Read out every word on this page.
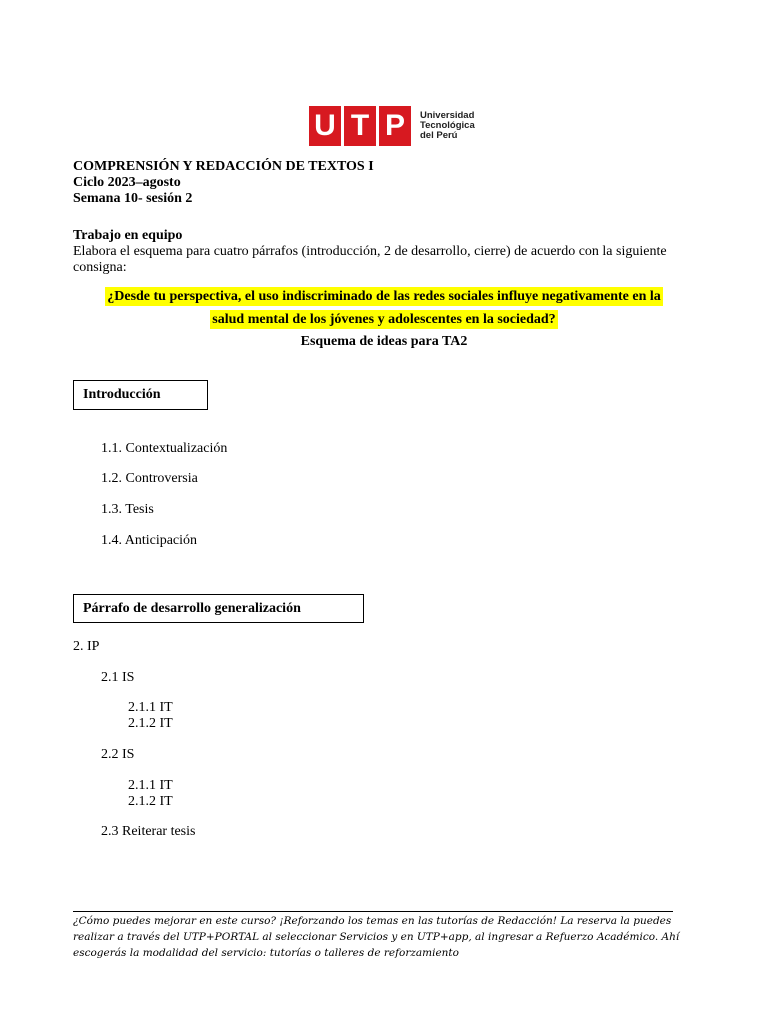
U T P	Universidad
Tecnológica
del Perú
COMPRENSIÓN Y REDACCIÓN DE TEXTOS I
Ciclo 2023–agosto
Semana 10- sesión 2
Trabajo en equipo
Elabora el esquema para cuatro párrafos (introducción, 2 de desarrollo, cierre) de acuerdo con la siguiente consigna:
¿Desde tu perspectiva, el uso indiscriminado de las redes sociales influye negativamente en la
salud mental de los jóvenes y adolescentes en la sociedad?
Esquema de ideas para TA2
Introducción
1.1. Contextualización
1.2. Controversia
1.3. Tesis
1.4. Anticipación
Párrafo de desarrollo generalización
2. IP
2.1 IS
2.1.1 IT
2.1.2 IT
2.2 IS
2.1.1 IT
2.1.2 IT
2.3 Reiterar tesis
¿Cómo puedes mejorar en este curso? ¡Reforzando los temas en las tutorías de Redacción! La reserva la puedes
realizar a través del UTP+PORTAL al seleccionar Servicios y en UTP+app, al ingresar a Refuerzo Académico. Ahí
escogerás la modalidad del servicio: tutorías o talleres de reforzamiento
